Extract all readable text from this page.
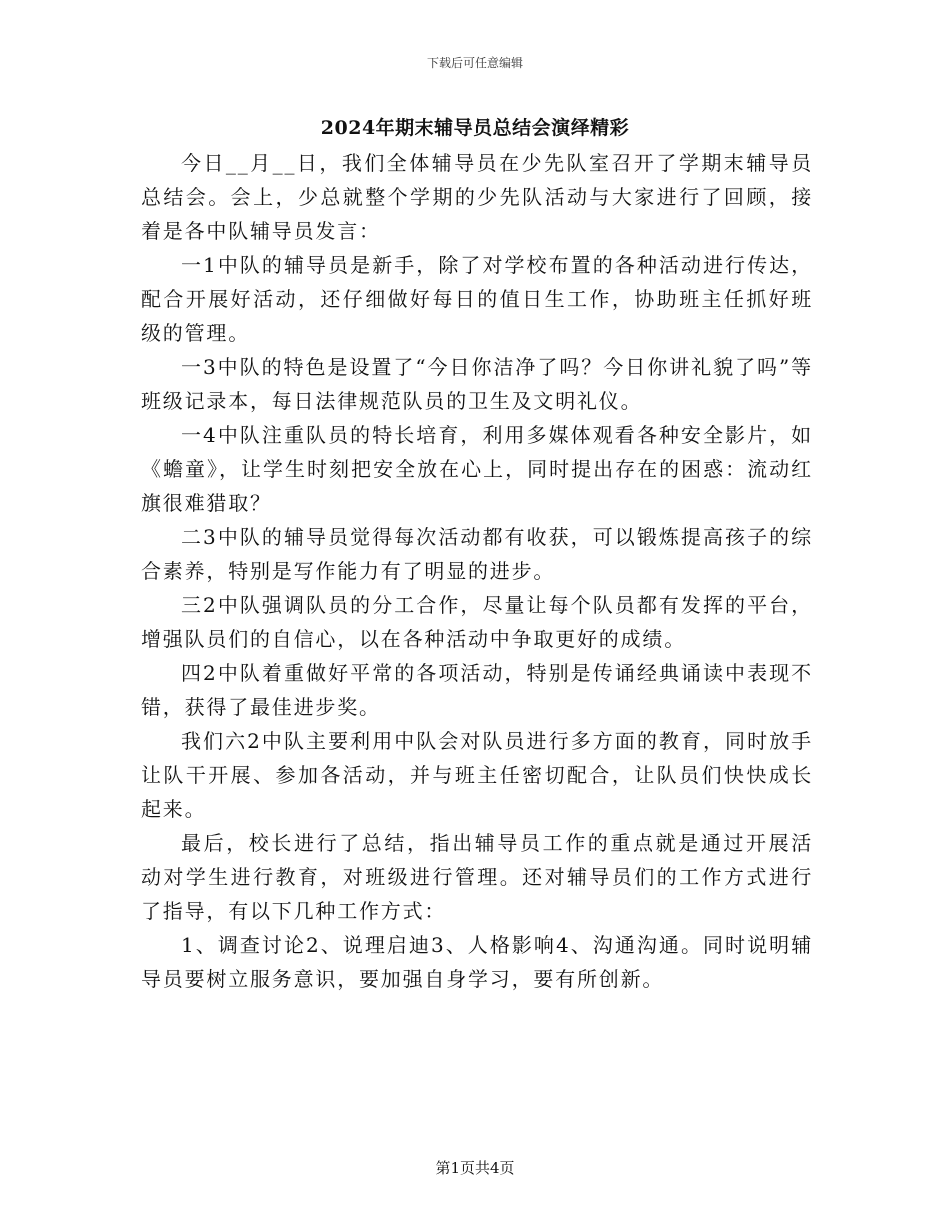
下载后可任意编辑
2024年期末辅导员总结会演绎精彩

今日__月__日，我们全体辅导员在少先队室召开了学期末辅导员总结会。会上，少总就整个学期的少先队活动与大家进行了回顾，接着是各中队辅导员发言：

一1中队的辅导员是新手，除了对学校布置的各种活动进行传达，配合开展好活动，还仔细做好每日的值日生工作，协助班主任抓好班级的管理。

一3中队的特色是设置了“今日你洁净了吗？今日你讲礼貌了吗”等班级记录本，每日法律规范队员的卫生及文明礼仪。

一4中队注重队员的特长培育，利用多媒体观看各种安全影片，如《蟾童》，让学生时刻把安全放在心上，同时提出存在的困惑：流动红旗很难猎取？

二3中队的辅导员觉得每次活动都有收获，可以锻炼提高孩子的综合素养，特别是写作能力有了明显的进步。

三2中队强调队员的分工合作，尽量让每个队员都有发挥的平台，增强队员们的自信心，以在各种活动中争取更好的成绩。

四2中队着重做好平常的各项活动，特别是传诵经典诵读中表现不错，获得了最佳进步奖。

我们六2中队主要利用中队会对队员进行多方面的教育，同时放手让队干开展、参加各活动，并与班主任密切配合，让队员们快快成长起来。

最后，校长进行了总结，指出辅导员工作的重点就是通过开展活动对学生进行教育，对班级进行管理。还对辅导员们的工作方式进行了指导，有以下几种工作方式：

1、调查讨论2、说理启迪3、人格影响4、沟通沟通。同时说明辅导员要树立服务意识，要加强自身学习，要有所创新。

第1页共4页
